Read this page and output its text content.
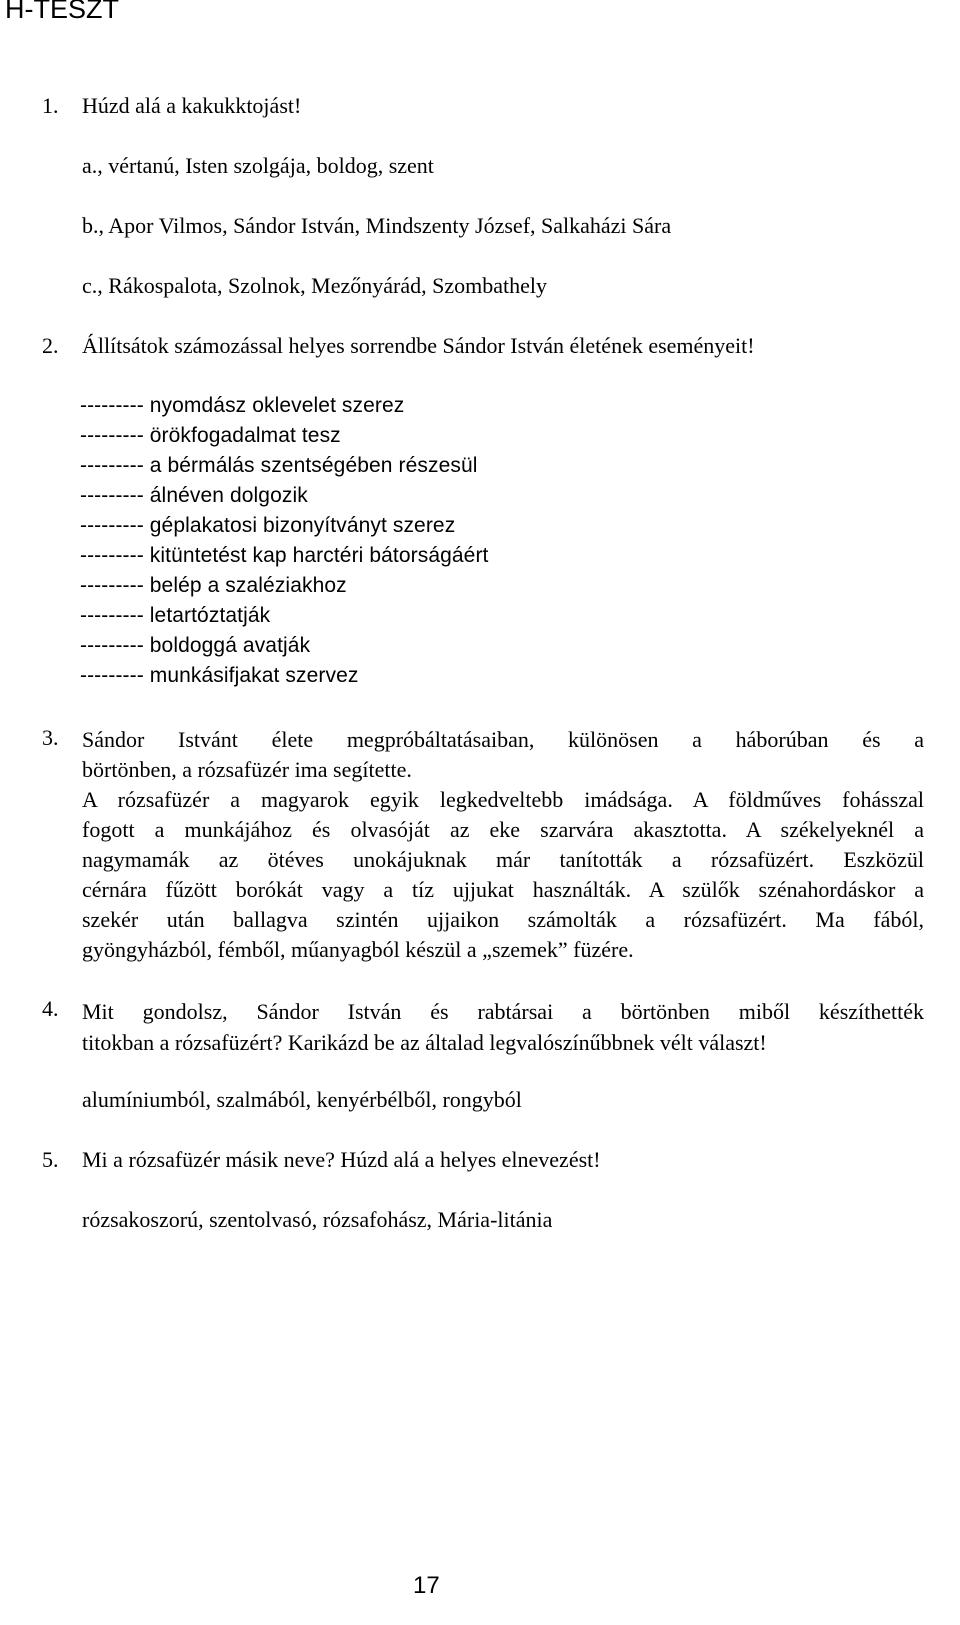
H-TESZT
1. Húzd alá a kakukktojást!
a., vértanú, Isten szolgája, boldog, szent
b., Apor Vilmos, Sándor István, Mindszenty József, Salkaházi Sára
c., Rákospalota, Szolnok, Mezőnyárád, Szombathely
2. Állítsátok számozással helyes sorrendbe Sándor István életének eseményeit!
--------- nyomdász oklevelet szerez
--------- örökfogadalmat tesz
--------- a bérmálás szentségében részesül
--------- álnéven dolgozik
--------- géplakatosi bizonyítványt szerez
--------- kitüntetést kap harctéri bátorságáért
--------- belép a szaléziakhoz
--------- letartóztatják
--------- boldoggá avatják
--------- munkásifjakat szervez
3. Sándor Istvánt élete megpróbáltatásaiban, különösen a háborúban és a
börtönben, a rózsafüzér ima segítette.
A rózsafüzér a magyarok egyik legkedveltebb imádsága. A földműves fohásszal
fogott a munkájához és olvasóját az eke szarvára akasztotta. A székelyeknél a
nagymamák az ötéves unokájuknak már tanították a rózsafüzért. Eszközül
cérnára fűzött borókát vagy a tíz ujjukat használták. A szülők szénahordáskor a
szekér után ballagva szintén ujjaikon számolták a rózsafüzért. Ma fából,
gyöngyházból, fémből, műanyagból készül a „szemek” füzére.
4. Mit gondolsz, Sándor István és rabtársai a börtönben miből készíthették
titokban a rózsafüzért? Karikázd be az általad legvalószínűbbnek vélt választ!
alumíniumból, szalmából, kenyérbélből, rongyból
5. Mi a rózsafüzér másik neve? Húzd alá a helyes elnevezést!
rózsakoszorú, szentolvasó, rózsafohász, Mária-litánia
17
